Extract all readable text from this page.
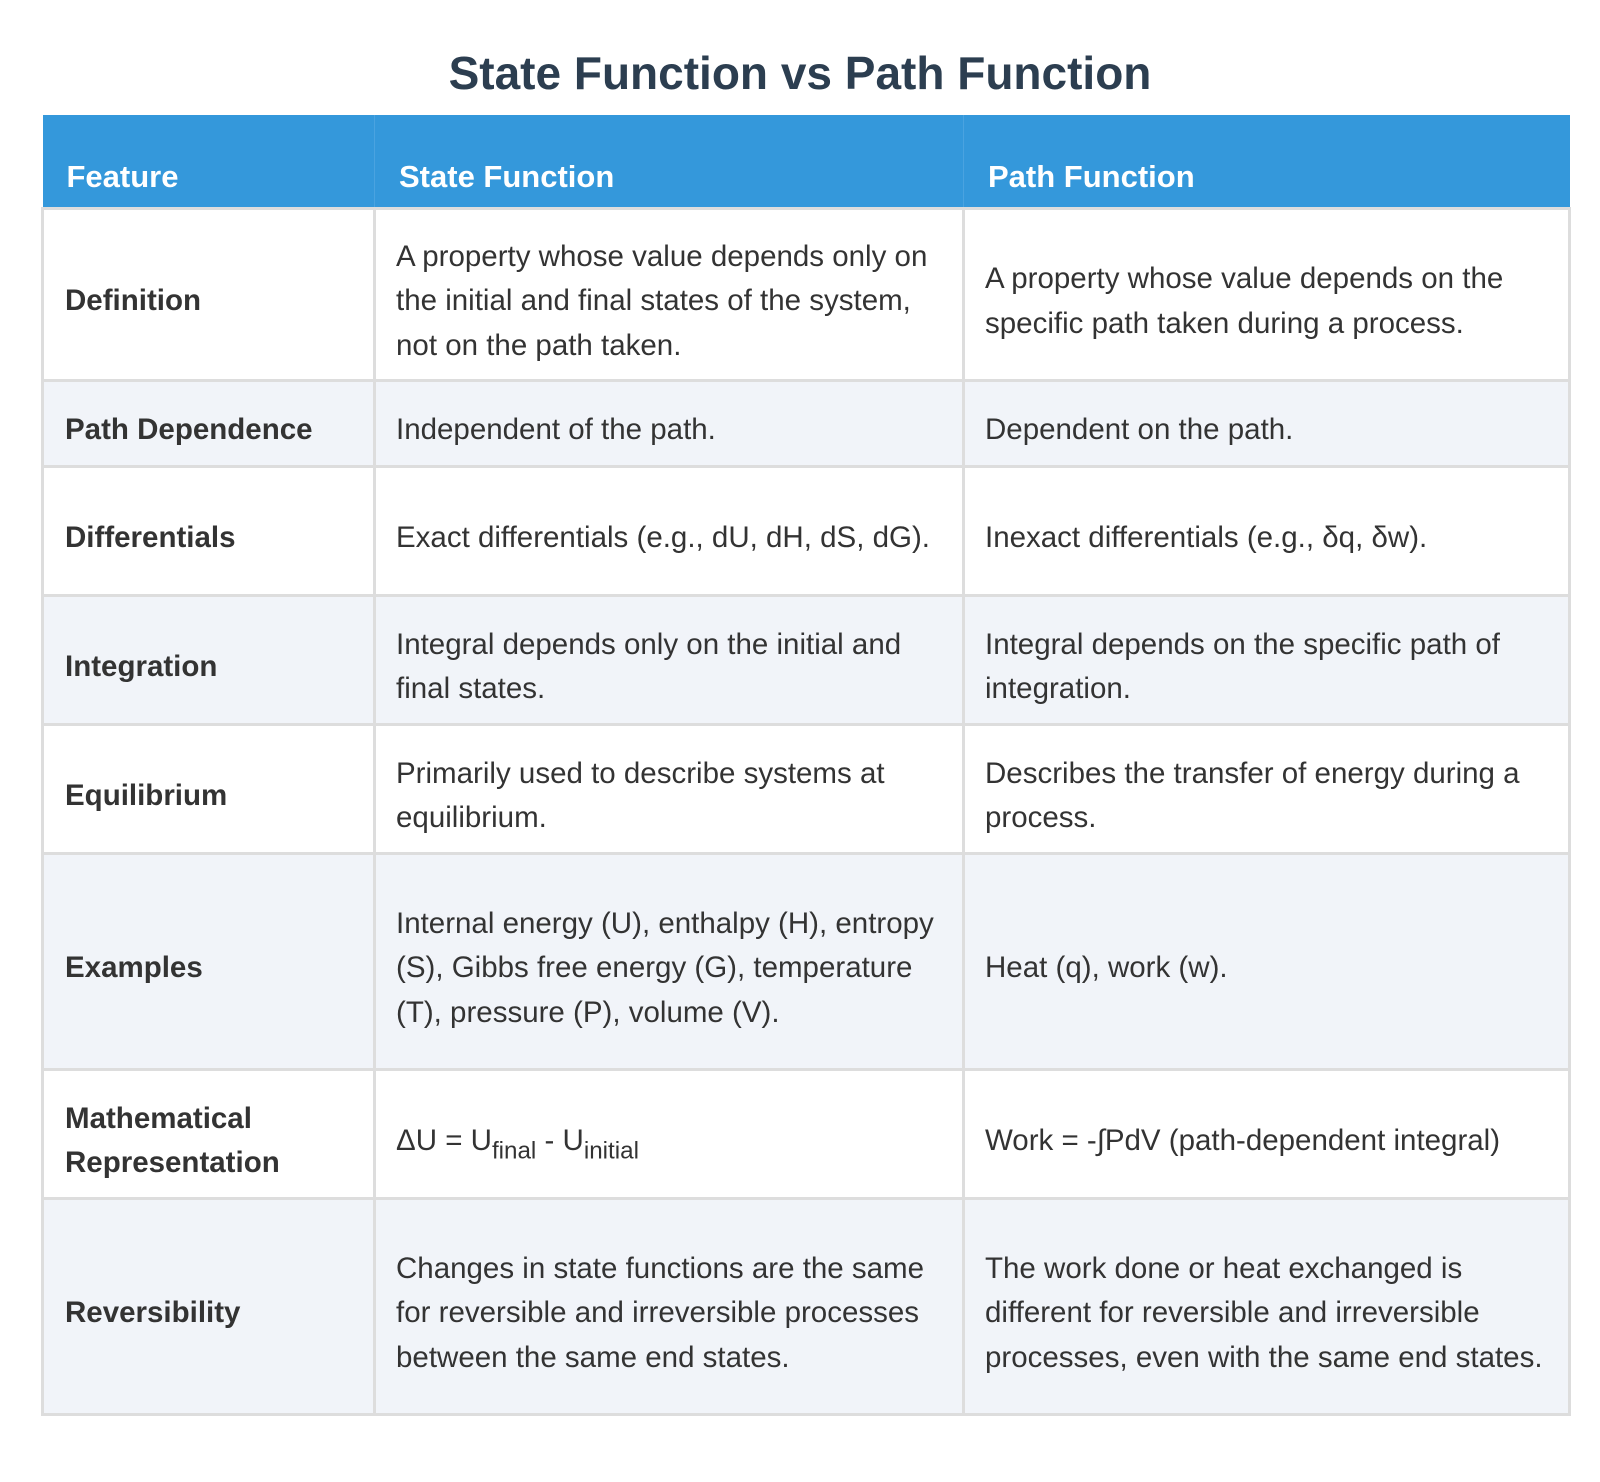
State Function vs Path Function
Feature	State Function	Path Function
Definition	A property whose value depends only on the initial and final states of the system, not on the path taken.	A property whose value depends on the specific path taken during a process.
Path Dependence	Independent of the path.	Dependent on the path.
Differentials	Exact differentials (e.g., dU, dH, dS, dG).	Inexact differentials (e.g., δq, δw).
Integration	Integral depends only on the initial and final states.	Integral depends on the specific path of integration.
Equilibrium	Primarily used to describe systems at equilibrium.	Describes the transfer of energy during a process.
Examples	Internal energy (U), enthalpy (H), entropy (S), Gibbs free energy (G), temperature (T), pressure (P), volume (V).	Heat (q), work (w).
Mathematical Representation	$\Delta U = U_{final} - U_{initial}$	Work = -∫PdV (path-dependent integral)
Reversibility	Changes in state functions are the same for reversible and irreversible processes between the same end states.	The work done or heat exchanged is different for reversible and irreversible processes, even with the same end states.
